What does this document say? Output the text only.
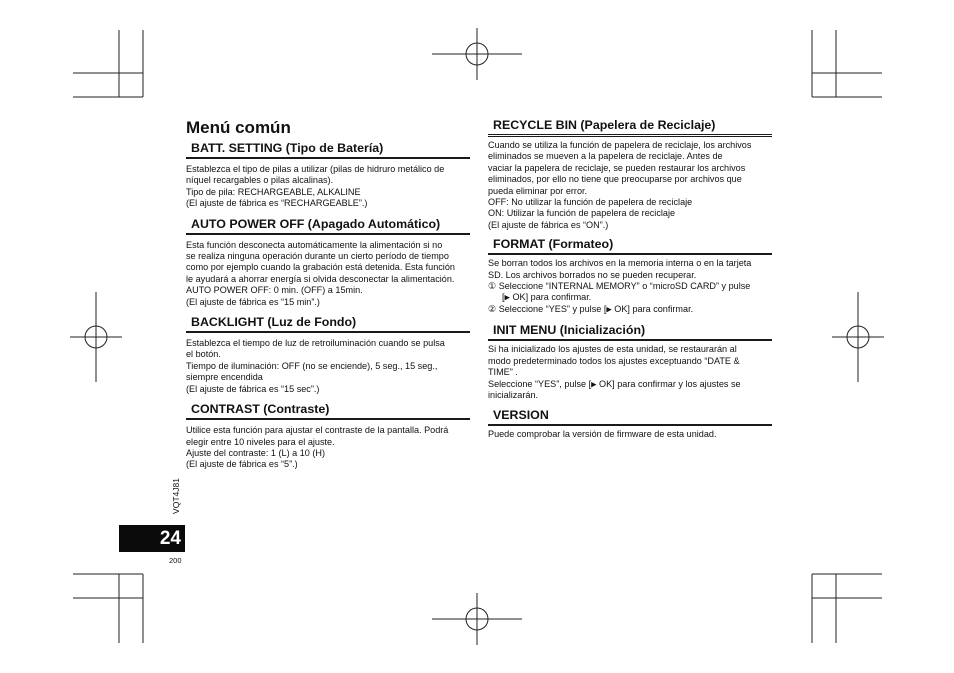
Menú común
BATT. SETTING (Tipo de Batería)

Establezca el tipo de pilas a utilizar (pilas de hidruro metálico de

níquel recargables o pilas alcalinas).

Tipo de pila: RECHARGEABLE, ALKALINE

(El ajuste de fábrica es “RECHARGEABLE”.)

AUTO POWER OFF (Apagado Automático)

Esta función desconecta automáticamente la alimentación si no

se realiza ninguna operación durante un cierto período de tiempo

como por ejemplo cuando la grabación está detenida. Esta función

le ayudará a ahorrar energía si olvida desconectar la alimentación.

AUTO POWER OFF: 0 min. (OFF) a 15min.

(El ajuste de fábrica es “15 min”.)

BACKLIGHT (Luz de Fondo)

Establezca el tiempo de luz de retroiluminación cuando se pulsa

el botón.

Tiempo de iluminación: OFF (no se enciende), 5 seg., 15 seg.,

siempre encendida

(El ajuste de fábrica es “15 sec”.)

CONTRAST (Contraste)

Utilice esta función para ajustar el contraste de la pantalla. Podrá

elegir entre 10 niveles para el ajuste.

Ajuste del contraste: 1 (L) a 10 (H)

(El ajuste de fábrica es “5”.)

RECYCLE BIN (Papelera de Reciclaje)

Cuando se utiliza la función de papelera de reciclaje, los archivos

eliminados se mueven a la papelera de reciclaje. Antes de

vaciar la papelera de reciclaje, se pueden restaurar los archivos

eliminados, por ello no tiene que preocuparse por archivos que

pueda eliminar por error.

OFF: No utilizar la función de papelera de reciclaje

ON: Utilizar la función de papelera de reciclaje

(El ajuste de fábrica es “ON”.)

FORMAT (Formateo)

Se borran todos los archivos en la memoria interna o en la tarjeta

SD. Los archivos borrados no se pueden recuperar.

① Seleccione “INTERNAL MEMORY” o “microSD CARD” y pulse

[▶ OK] para confirmar.

② Seleccione “YES” y pulse [▶ OK] para confirmar.

INIT MENU (Inicialización)

Si ha inicializado los ajustes de esta unidad, se restaurarán al

modo predeterminado todos los ajustes exceptuando “DATE &

TIME” .

Seleccione “YES”, pulse [▶ OK] para confirmar y los ajustes se

inicializarán.

VERSION

Puede comprobar la versión de firmware de esta unidad.

VQT4J81
24
200
